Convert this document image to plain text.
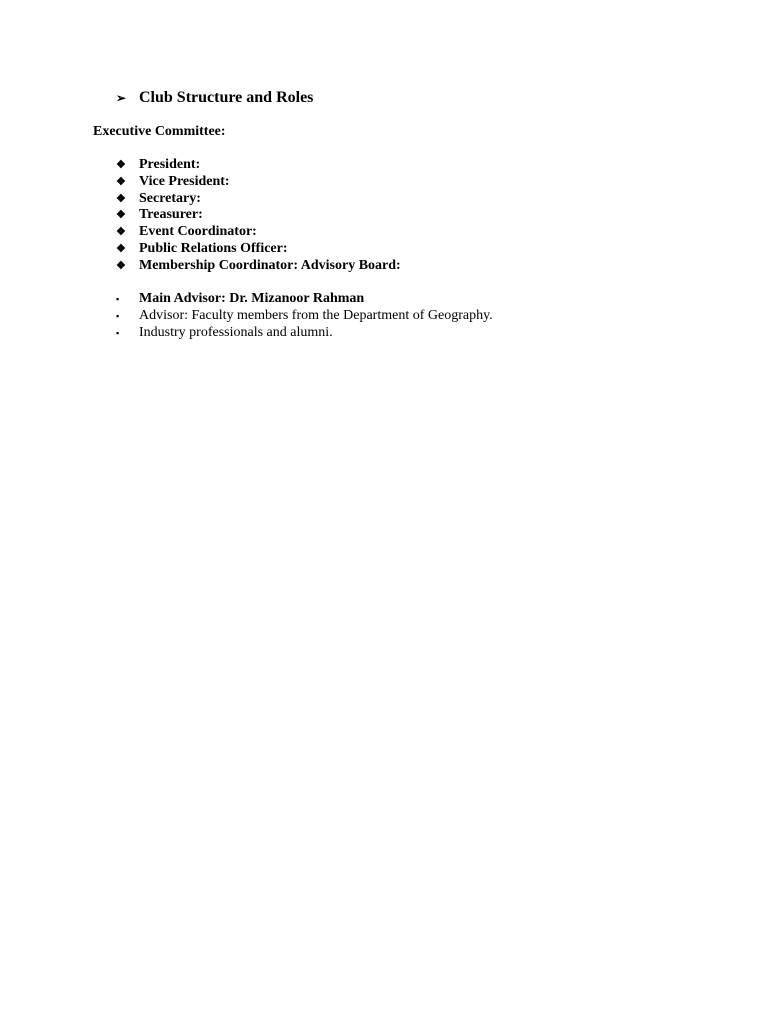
➢ Club Structure and Roles
Executive Committee:
❖ President:
❖ Vice President:
❖ Secretary:
❖ Treasurer:
❖ Event Coordinator:
❖ Public Relations Officer:
❖ Membership Coordinator: Advisory Board:
▪	Main Advisor: Dr. Mizanoor Rahman
▪	Advisor: Faculty members from the Department of Geography.
▪	Industry professionals and alumni.
